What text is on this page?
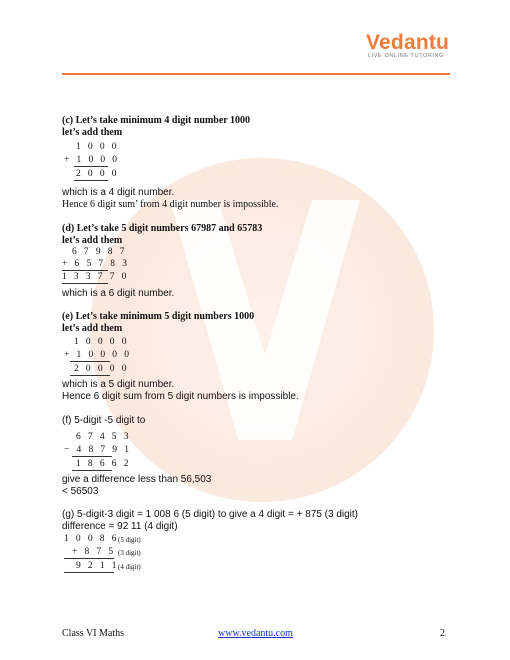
Vedantu
LIVE ONLINE TUTORING
(c) Let’s take minimum 4 digit number 1000
let’s add them
1 0 0 0
+ 1 0 0 0
2 0 0 0
which is a 4 digit number.
Hence 6 digit sum’ from 4 digit number is impossible.
(d) Let’s take 5 digit numbers 67987 and 65783
let’s add them
6 7 9 8 7
+ 6 5 7 8 3
1 3 3 7 7 0
which is a 6 digit number.
(e) Let’s take minimum 5 digit numbers 1000
let’s add them
1 0 0 0 0
+ 1 0 0 0 0
2 0 0 0 0
which is a 5 digit number.
Hence 6 digit sum from 5 digit numbers is impossible.
(f) 5-digit -5 digit to
6 7 4 5 3
− 4 8 7 9 1
1 8 6 6 2
give a difference less than 56,503
< 56503
(g) 5-digit-3 digit = 1 008 6 (5 digit) to give a 4 digit = + 875 (3 digit)
difference = 92 11 (4 digit)
1 0 0 8 6 (5 digit)
+ 8 7 5 (3 digit)
9 2 1 1 (4 digit)
Class VI Maths	www.vedantu.com	2
